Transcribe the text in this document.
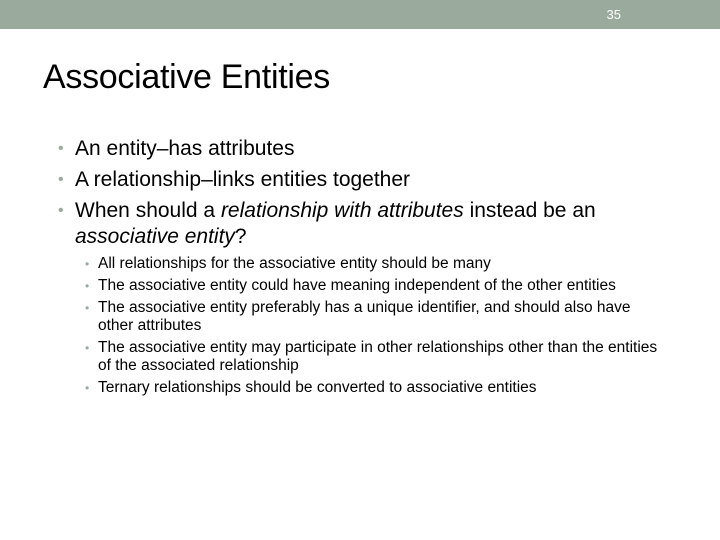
35
Associative Entities
• An entity–has attributes
• A relationship–links entities together
• When should a relationship with attributes instead be an associative entity?
• All relationships for the associative entity should be many
• The associative entity could have meaning independent of the other entities
• The associative entity preferably has a unique identifier, and should also have other attributes
• The associative entity may participate in other relationships other than the entities of the associated relationship
• Ternary relationships should be converted to associative entities
